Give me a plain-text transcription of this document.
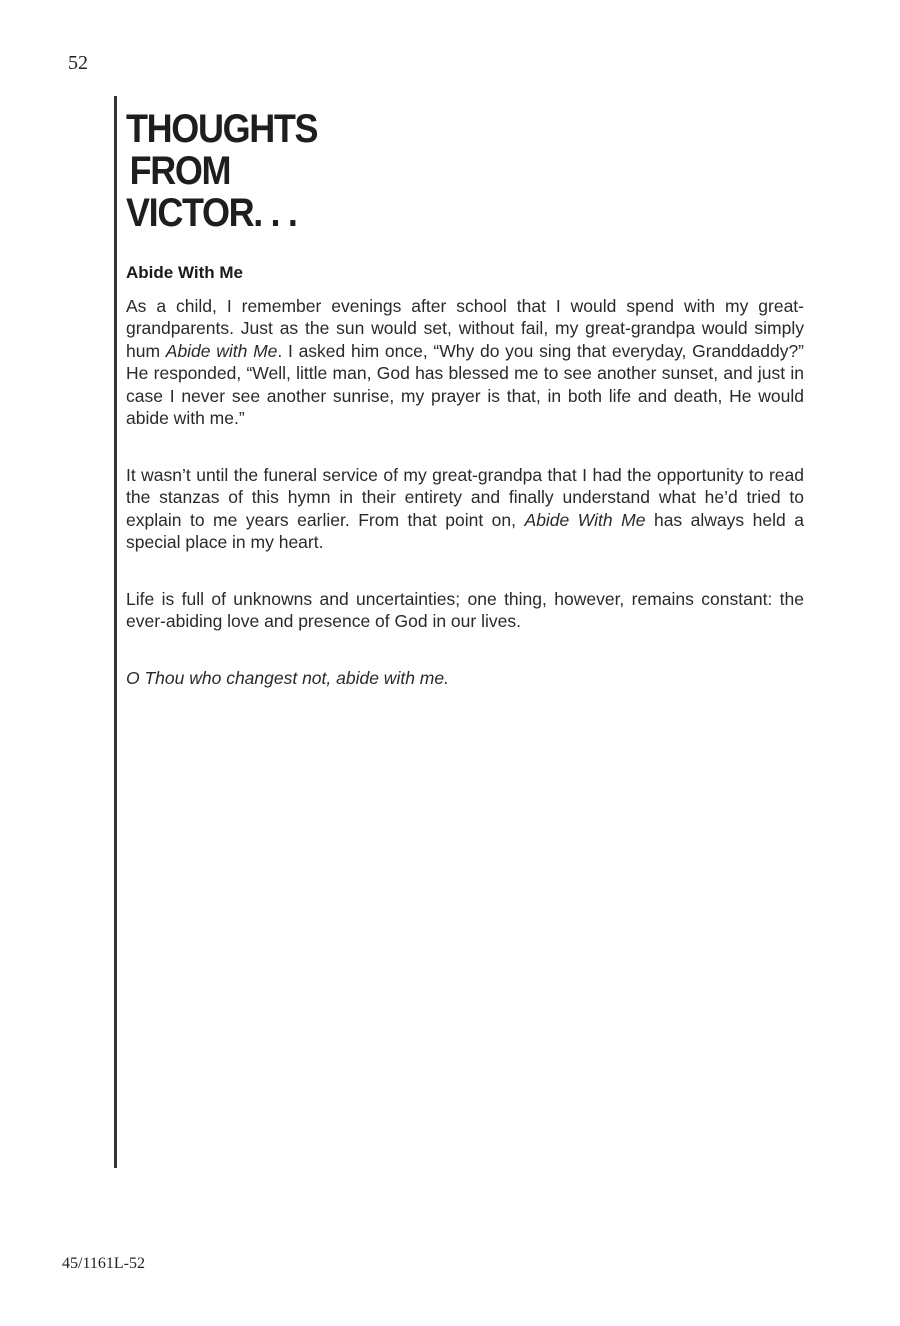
52
THOUGHTS
FROM
VICTOR. . .

Abide With Me

As a child, I remember evenings after school that I would spend with my great-grandparents. Just as the sun would set, without fail, my great-grandpa would simply hum Abide with Me. I asked him once, “Why do you sing that everyday, Granddaddy?” He responded, “Well, little man, God has blessed me to see another sunset, and just in case I never see another sunrise, my prayer is that, in both life and death, He would abide with me.”

It wasn’t until the funeral service of my great-grandpa that I had the opportunity to read the stanzas of this hymn in their entirety and finally understand what he’d tried to explain to me years earlier. From that point on, Abide With Me has always held a special place in my heart.

Life is full of unknowns and uncertainties; one thing, however, remains constant: the ever-abiding love and presence of God in our lives.

O Thou who changest not, abide with me.

45/1161L-52
